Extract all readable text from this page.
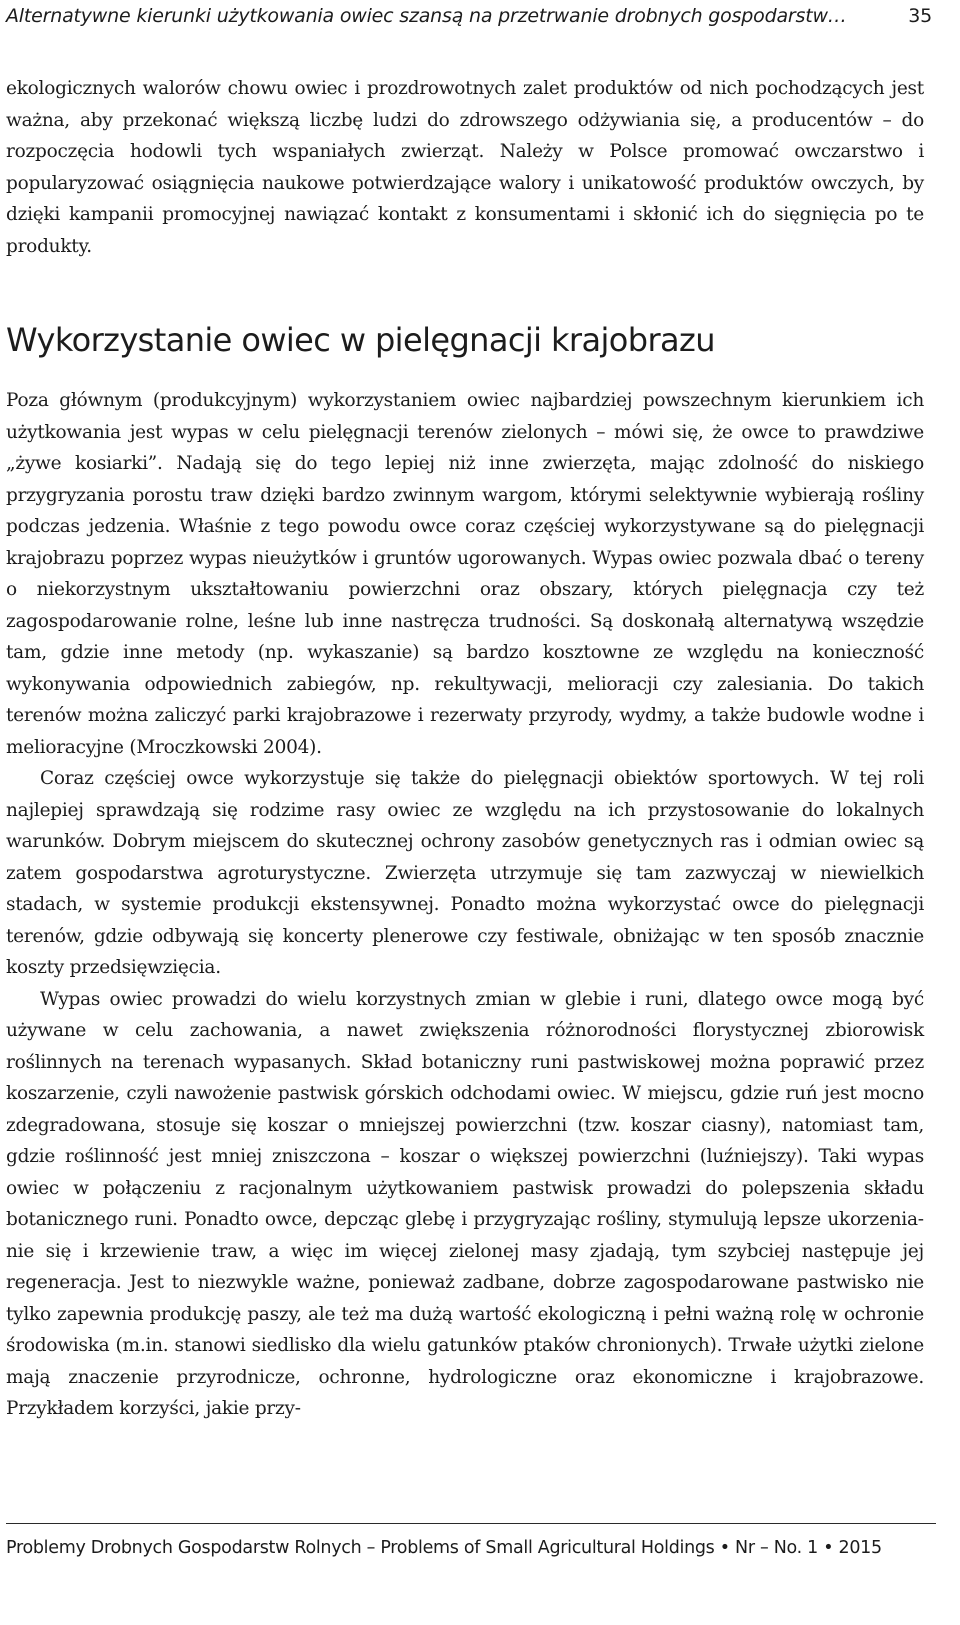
Alternatywne kierunki użytkowania owiec szansą na przetrwanie drobnych gospodarstw…	35

ekologicznych walorów chowu owiec i prozdrowotnych zalet produktów od nich pochodzących jest ważna, aby przekonać większą liczbę ludzi do zdrowszego odżywiania się, a producentów – do rozpoczęcia hodowli tych wspaniałych zwierząt. Należy w Polsce promować owczarstwo i popularyzować osiągnięcia naukowe potwierdzające walory i unikatowość produktów owczych, by dzięki kampanii promocyjnej nawiązać kontakt z konsumentami i skłonić ich do sięgnięcia po te produkty.

Wykorzystanie owiec w pielęgnacji krajobrazu

Poza głównym (produkcyjnym) wykorzystaniem owiec najbardziej powszechnym kierunkiem ich użytkowania jest wypas w celu pielęgnacji terenów zielonych – mówi się, że owce to prawdziwe „żywe kosiarki”. Nadają się do tego lepiej niż inne zwierzęta, mając zdolność do niskiego przygryzania porostu traw dzięki bardzo zwinnym wargom, którymi selektywnie wybierają rośliny podczas jedzenia. Właśnie z tego powodu owce coraz częściej wykorzystywane są do pielęgnacji krajobrazu poprzez wypas nieużytków i gruntów ugorowanych. Wypas owiec pozwala dbać o tereny o niekorzystnym ukształtowaniu powierzchni oraz obszary, których pielęgnacja czy też zagospodarowanie rolne, leśne lub inne nastręcza trudności. Są doskonałą alternatywą wszędzie tam, gdzie inne metody (np. wykaszanie) są bardzo kosztowne ze względu na konieczność wykonywania odpowiednich zabiegów, np. rekultywacji, melioracji czy zalesiania. Do takich terenów można zaliczyć parki krajobrazowe i rezerwaty przyrody, wydmy, a także budowle wodne i melioracyjne (Mroczkowski 2004).

Coraz częściej owce wykorzystuje się także do pielęgnacji obiektów sportowych. W tej roli najlepiej sprawdzają się rodzime rasy owiec ze względu na ich przystosowanie do lokalnych warunków. Dobrym miejscem do skutecznej ochrony zasobów genetycznych ras i odmian owiec są zatem gospodarstwa agroturystyczne. Zwierzęta utrzymuje się tam zazwyczaj w niewielkich stadach, w systemie produkcji ekstensywnej. Ponadto można wykorzystać owce do pielęgnacji terenów, gdzie odbywają się koncerty plenerowe czy festiwale, obniżając w ten sposób znacznie koszty przedsięwzięcia.

Wypas owiec prowadzi do wielu korzystnych zmian w glebie i runi, dlatego owce mogą być używane w celu zachowania, a nawet zwiększenia różnorodności florystycznej zbiorowisk roślinnych na terenach wypasanych. Skład botaniczny runi pastwiskowej można poprawić przez koszarzenie, czyli nawożenie pastwisk górskich odchodami owiec. W miejscu, gdzie ruń jest mocno zdegradowana, stosuje się koszar o mniejszej powierzchni (tzw. koszar ciasny), natomiast tam, gdzie roślinność jest mniej zniszczona – koszar o większej powierzchni (luźniejszy). Taki wypas owiec w połączeniu z racjonalnym użytkowaniem pastwisk prowadzi do polepszenia składu botanicznego runi. Ponadto owce, depcząc glebę i przygryzając rośliny, stymulują lepsze ukorzenianie się i krzewienie traw, a więc im więcej zielonej masy zjadają, tym szybciej następuje jej regeneracja. Jest to niezwykle ważne, ponieważ zadbane, dobrze zagospodarowane pastwisko nie tylko zapewnia produkcję paszy, ale też ma dużą wartość ekologiczną i pełni ważną rolę w ochronie środowiska (m.in. stanowi siedlisko dla wielu gatunków ptaków chronionych). Trwałe użytki zielone mają znaczenie przyrodnicze, ochronne, hydrologiczne oraz ekonomiczne i krajobrazowe. Przykładem korzyści, jakie przy-

Problemy Drobnych Gospodarstw Rolnych – Problems of Small Agricultural Holdings • Nr – No. 1 • 2015
